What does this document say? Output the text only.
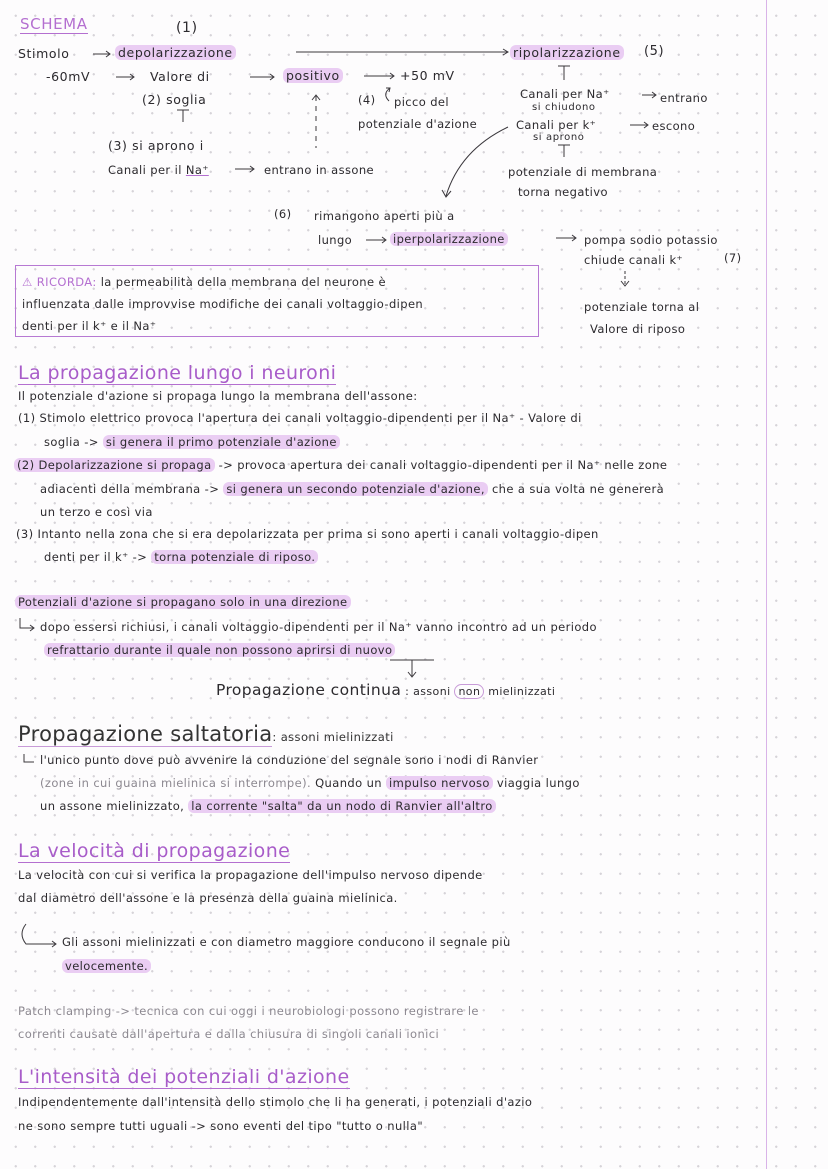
SCHEMA	(1)
Stimolo	depolarizzazione	ripolarizzazione (5)
-60mV	Valore di	positivo	+50 mV
Canali per Na⁺	entrano
si chiudono
(2) soglia	(4) picco del
potenziale d'azione	Canali per k⁺	escono
si aprono
(3) si aprono i
Canali per il Na⁺	entrano in assone	potenziale di membrana
torna negativo
(6) rimangono aperti più a
lungo	iperpolarizzazione	pompa sodio potassio
chiude canali k⁺	(7)
potenziale torna al
Valore di riposo
⚠ RICORDA: la permeabilità della membrana del neurone è
influenzata dalle improvvise modifiche dei canali voltaggio-dipen
denti per il k⁺ e il Na⁺
La propagazione lungo i neuroni
Il potenziale d'azione si propaga lungo la membrana dell'assone:
(1) Stimolo elettrico provoca l'apertura dei canali voltaggio-dipendenti per il Na⁺ - Valore di
soglia -> si genera il primo potenziale d'azione
(2) Depolarizzazione si propaga -> provoca apertura dei canali voltaggio-dipendenti per il Na⁺ nelle zone
adiacenti della membrana -> si genera un secondo potenziale d'azione, che a sua volta ne genererà
un terzo e così via
(3) Intanto nella zona che si era depolarizzata per prima si sono aperti i canali voltaggio-dipen
denti per il k⁺ -> torna potenziale di riposo.
Potenziali d'azione si propagano solo in una direzione
dopo essersi richiusi, i canali voltaggio-dipendenti per il Na⁺ vanno incontro ad un periodo
refrattario durante il quale non possono aprirsi di nuovo
Propagazione continua : assoni non mielinizzati
Propagazione saltatoria: assoni mielinizzati
l'unico punto dove può avvenire la conduzione del segnale sono i nodi di Ranvier
(zone in cui guaina mielinica si interrompe). Quando un impulso nervoso viaggia lungo
un assone mielinizzato, la corrente "salta" da un nodo di Ranvier all'altro
La velocità di propagazione
La velocità con cui si verifica la propagazione dell'impulso nervoso dipende
dal diametro dell'assone e la presenza della guaina mielinica.
Gli assoni mielinizzati e con diametro maggiore conducono il segnale più
velocemente.
Patch clamping -> tecnica con cui oggi i neurobiologi possono registrare le
correnti causate dall'apertura e dalla chiusura di singoli canali ionici
L'intensità dei potenziali d'azione
Indipendentemente dall'intensità dello stimolo che li ha generati, i potenziali d'azio
ne sono sempre tutti uguali -> sono eventi del tipo "tutto o nulla"
